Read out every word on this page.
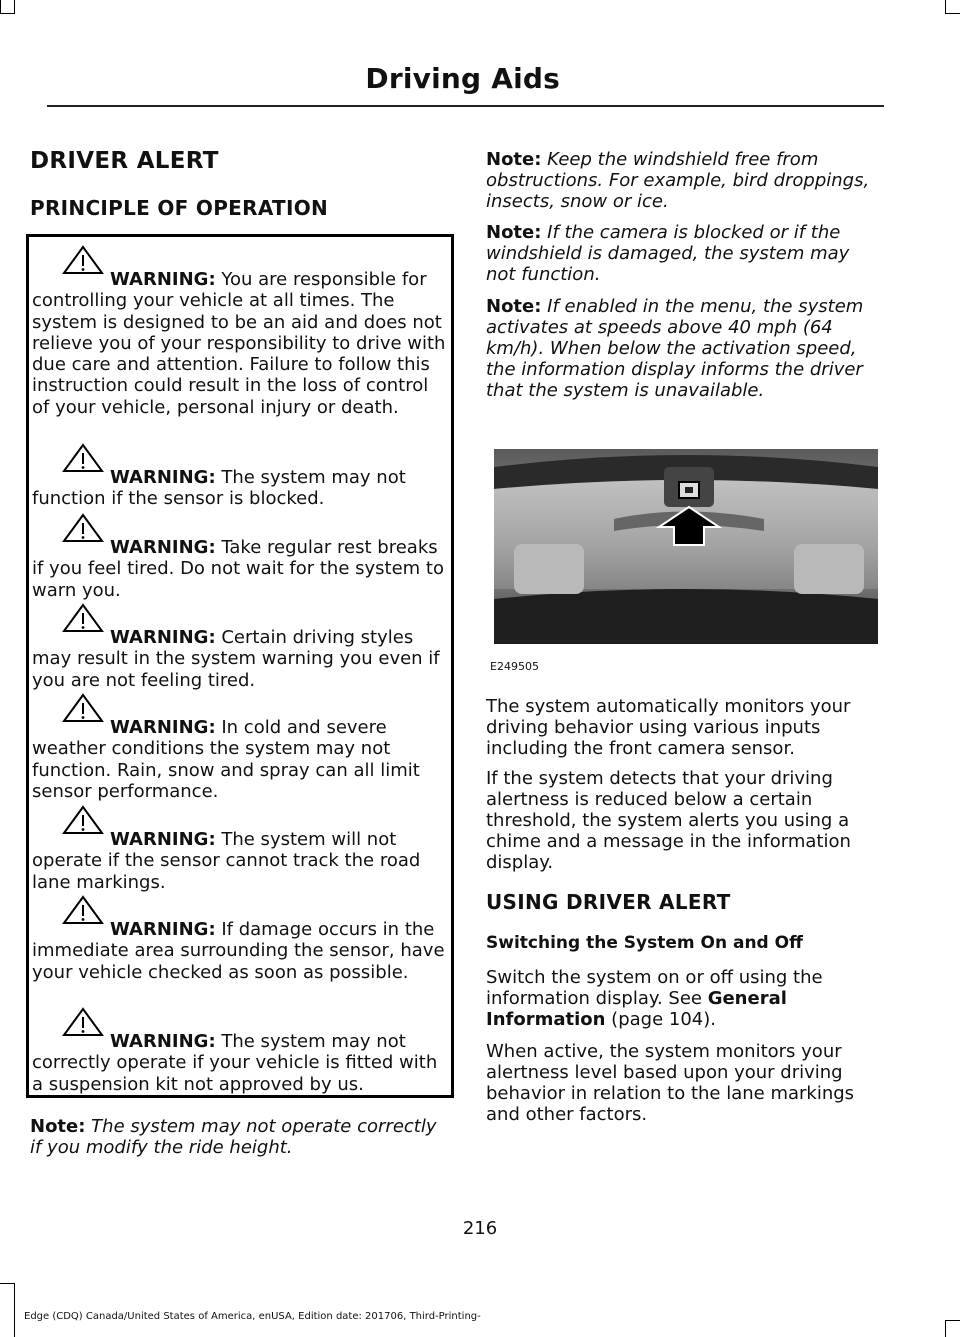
Driving Aids
DRIVER ALERT
PRINCIPLE OF OPERATION
WARNING: You are responsible for controlling your vehicle at all times. The system is designed to be an aid and does not relieve you of your responsibility to drive with due care and attention. Failure to follow this instruction could result in the loss of control of your vehicle, personal injury or death.
WARNING: The system may not function if the sensor is blocked.
WARNING: Take regular rest breaks if you feel tired. Do not wait for the system to warn you.
WARNING: Certain driving styles may result in the system warning you even if you are not feeling tired.
WARNING: In cold and severe weather conditions the system may not function. Rain, snow and spray can all limit sensor performance.
WARNING: The system will not operate if the sensor cannot track the road lane markings.
WARNING: If damage occurs in the immediate area surrounding the sensor, have your vehicle checked as soon as possible.
WARNING: The system may not correctly operate if your vehicle is fitted with a suspension kit not approved by us.
Note: The system may not operate correctly if you modify the ride height.
Note: Keep the windshield free from obstructions. For example, bird droppings, insects, snow or ice.
Note: If the camera is blocked or if the windshield is damaged, the system may not function.
Note: If enabled in the menu, the system activates at speeds above 40 mph (64 km/h). When below the activation speed, the information display informs the driver that the system is unavailable.
E249505
The system automatically monitors your driving behavior using various inputs including the front camera sensor.
If the system detects that your driving alertness is reduced below a certain threshold, the system alerts you using a chime and a message in the information display.
USING DRIVER ALERT
Switching the System On and Off
Switch the system on or off using the information display. See General Information (page 104).
When active, the system monitors your alertness level based upon your driving behavior in relation to the lane markings and other factors.
216
Edge (CDQ) Canada/United States of America, enUSA, Edition date: 201706, Third-Printing-
